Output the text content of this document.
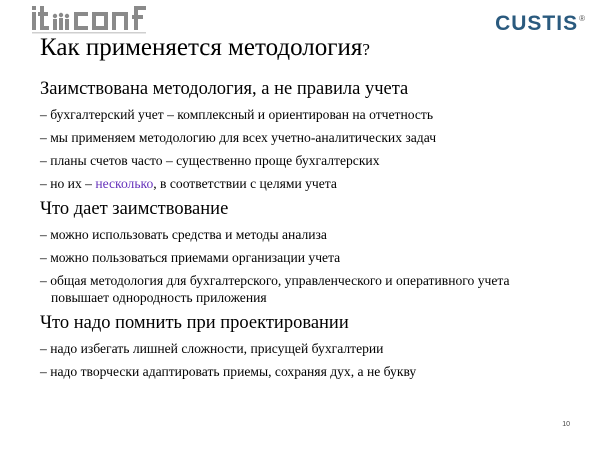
CUSTIS®
Как применяется методология?
Заимствована методология, а не правила учета
– бухгалтерский учет – комплексный и ориентирован на отчетность
– мы применяем методологию для всех учетно-аналитических задач
– планы счетов часто – существенно проще бухгалтерских
– но их – несколько, в соответствии с целями учета
Что дает заимствование
– можно использовать средства и методы анализа
– можно пользоваться приемами организации учета
– общая методология для бухгалтерского, управленческого и оперативного учета повышает однородность приложения
Что надо помнить при проектировании
– надо избегать лишней сложности, присущей бухгалтерии
– надо творчески адаптировать приемы, сохраняя дух, а не букву
10
